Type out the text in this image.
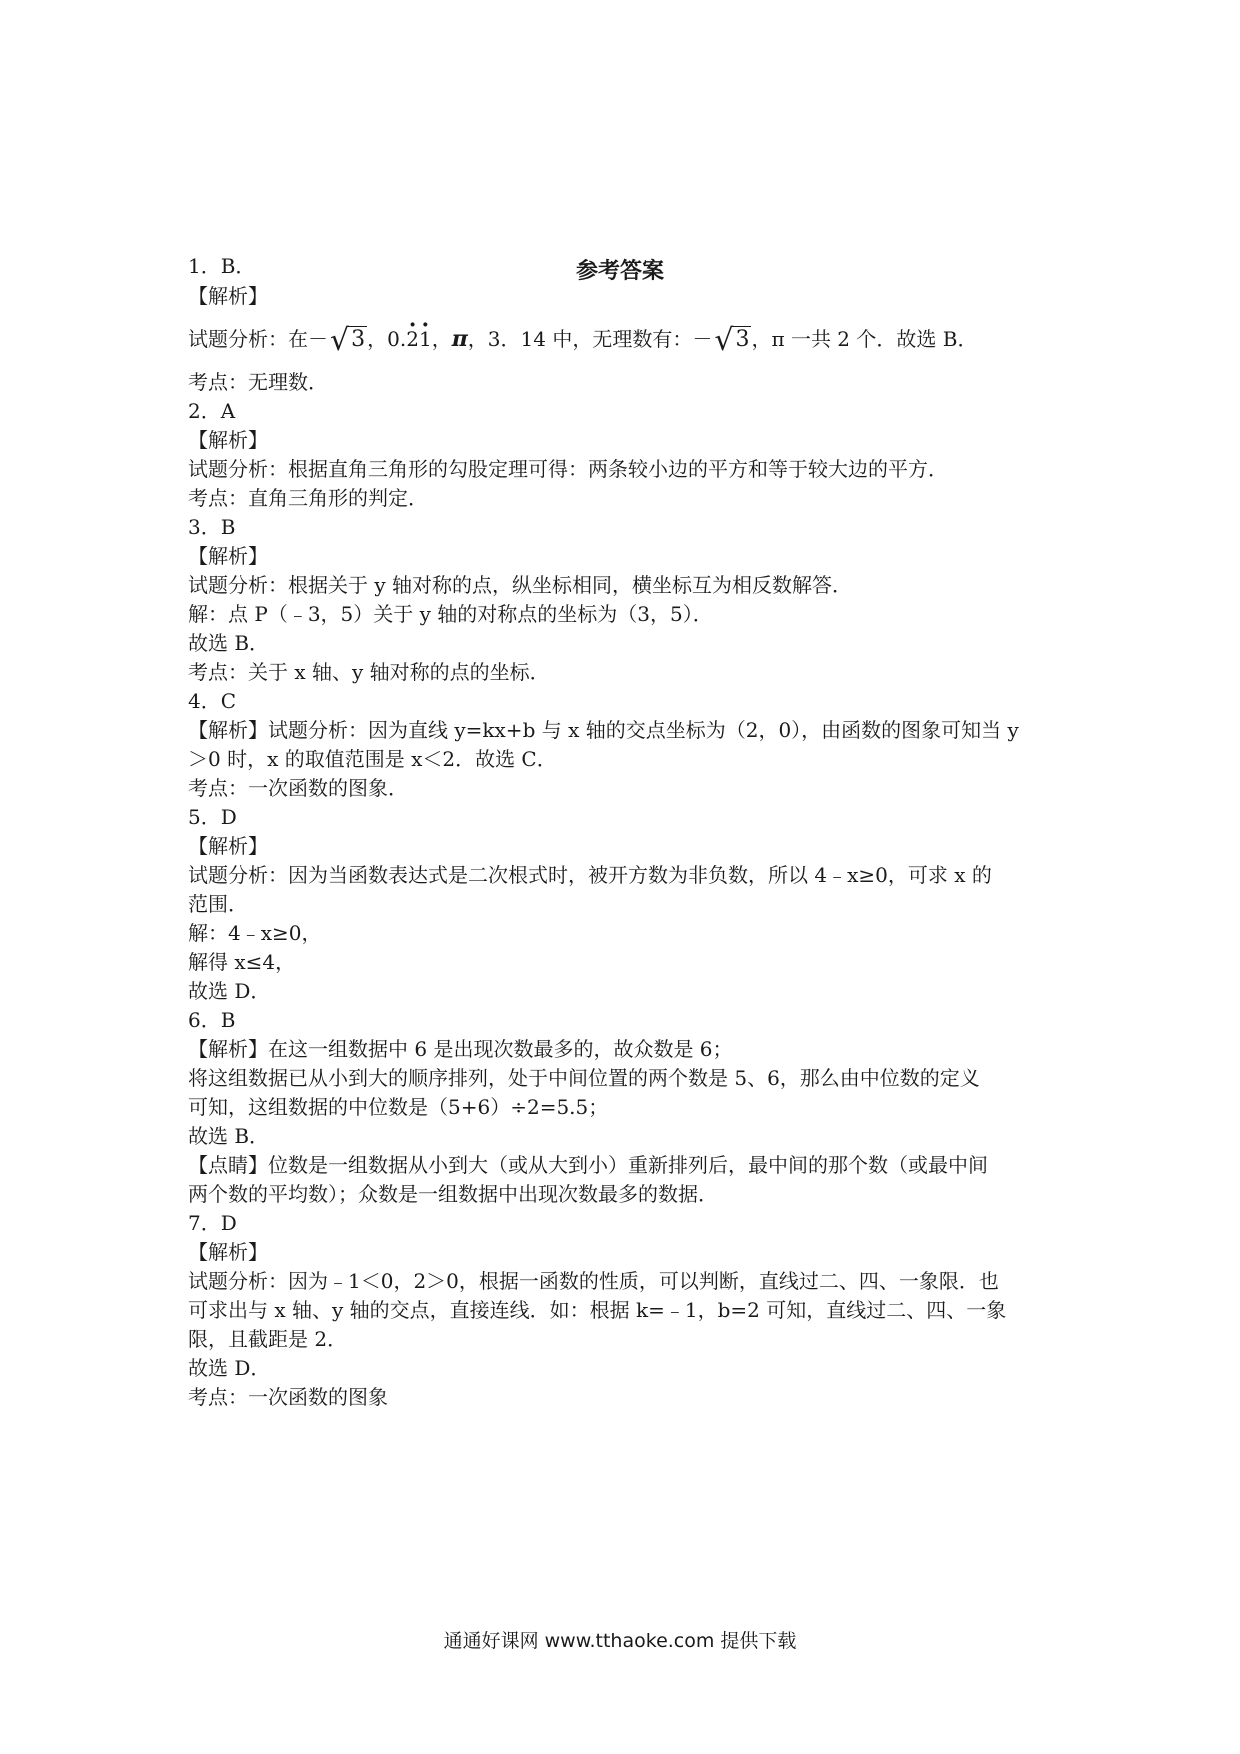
参考答案
1．B．
【解析】
试题分析：在－√3 ，0.· 2· 1，π，3．14 中，无理数有：－√3 ，π 一共 2 个．故选 B．
考点：无理数．
2．A
【解析】
试题分析：根据直角三角形的勾股定理可得：两条较小边的平方和等于较大边的平方．
考点：直角三角形的判定．
3．B
【解析】
试题分析：根据关于 y 轴对称的点，纵坐标相同，横坐标互为相反数解答．
解：点 P（﹣3，5）关于 y 轴的对称点的坐标为（3，5）．
故选 B．
考点：关于 x 轴、y 轴对称的点的坐标．
4．C
【解析】试题分析：因为直线 y=kx+b 与 x 轴的交点坐标为（2，0），由函数的图象可知当 y
＞0 时，x 的取值范围是 x＜2．故选 C．
考点：一次函数的图象．
5．D
【解析】
试题分析：因为当函数表达式是二次根式时，被开方数为非负数，所以 4﹣x≥0，可求 x 的
范围．
解：4﹣x≥0，
解得 x≤4，
故选 D．
6．B
【解析】在这一组数据中 6 是出现次数最多的，故众数是 6；
将这组数据已从小到大的顺序排列，处于中间位置的两个数是 5、6，那么由中位数的定义
可知，这组数据的中位数是（5+6）÷2=5.5；
故选 B．
【点睛】位数是一组数据从小到大（或从大到小）重新排列后，最中间的那个数（或最中间
两个数的平均数）；众数是一组数据中出现次数最多的数据．
7．D
【解析】
试题分析：因为﹣1＜0，2＞0，根据一函数的性质，可以判断，直线过二、四、一象限．也
可求出与 x 轴、y 轴的交点，直接连线．如：根据 k=﹣1，b=2 可知，直线过二、四、一象
限，且截距是 2．
故选 D．
考点：一次函数的图象
通通好课网 www.tthaoke.com 提供下载
